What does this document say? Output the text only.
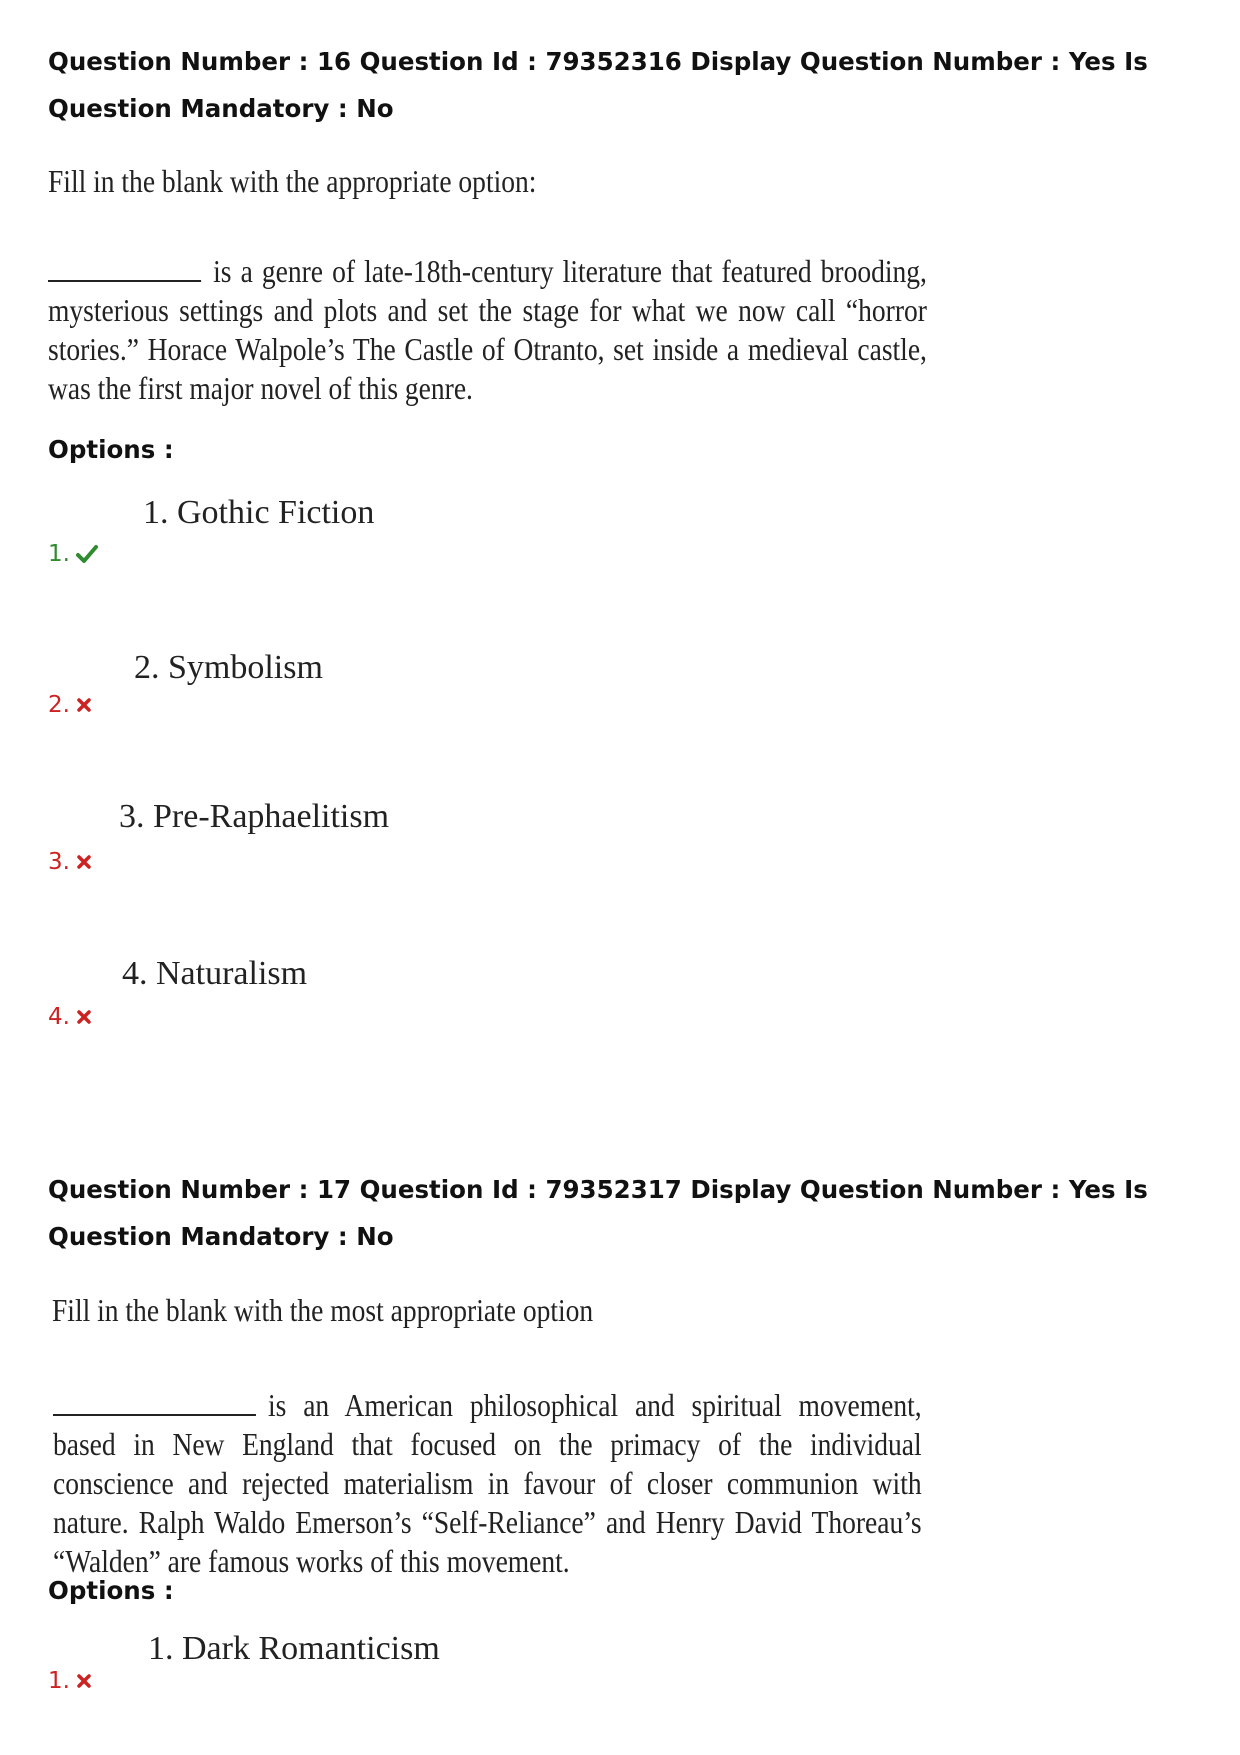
Question Number : 16 Question Id : 79352316 Display Question Number : Yes Is Question Mandatory : No
Fill in the blank with the appropriate option:
is a genre of late-18th-century literature that featured brooding, mysterious settings and plots and set the stage for what we now call “horror stories.” Horace Walpole’s The Castle of Otranto, set inside a medieval castle, was the first major novel of this genre.
Options :
1. Gothic Fiction
1.
2. Symbolism
2.
3. Pre-Raphaelitism
3.
4. Naturalism
4.
Question Number : 17 Question Id : 79352317 Display Question Number : Yes Is Question Mandatory : No
Fill in the blank with the most appropriate option
is an American philosophical and spiritual movement, based in New England that focused on the primacy of the individual conscience and rejected materialism in favour of closer communion with nature. Ralph Waldo Emerson’s “Self-Reliance” and Henry David Thoreau’s “Walden” are famous works of this movement.
Options :
1. Dark Romanticism
1.
